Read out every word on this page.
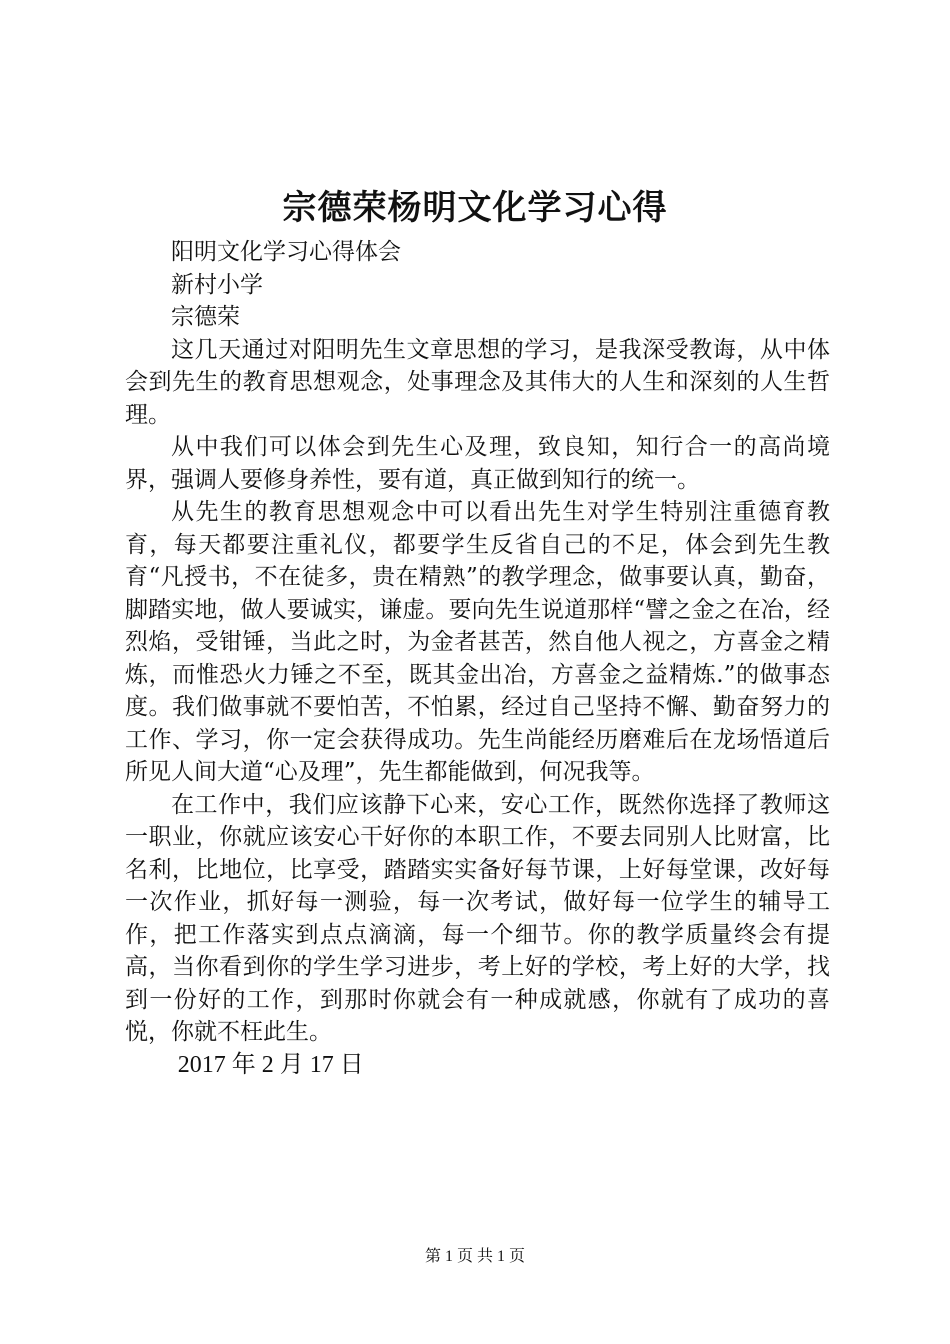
宗德荣杨明文化学习心得

阳明文化学习心得体会

新村小学

宗德荣

这几天通过对阳明先生文章思想的学习，是我深受教诲，从中体会到先生的教育思想观念，处事理念及其伟大的人生和深刻的人生哲理。

从中我们可以体会到先生心及理，致良知，知行合一的高尚境界，强调人要修身养性，要有道，真正做到知行的统一。

从先生的教育思想观念中可以看出先生对学生特别注重德育教育，每天都要注重礼仪，都要学生反省自己的不足，体会到先生教育“凡授书，不在徒多，贵在精熟”的教学理念，做事要认真，勤奋，脚踏实地，做人要诚实，谦虚。要向先生说道那样“譬之金之在冶，经烈焰，受钳锤，当此之时，为金者甚苦，然自他人视之，方喜金之精炼，而惟恐火力锤之不至，既其金出冶，方喜金之益精炼.”的做事态度。我们做事就不要怕苦，不怕累，经过自己坚持不懈、勤奋努力的工作、学习，你一定会获得成功。先生尚能经历磨难后在龙场悟道后所见人间大道“心及理”，先生都能做到，何况我等。

在工作中，我们应该静下心来，安心工作，既然你选择了教师这一职业，你就应该安心干好你的本职工作，不要去同别人比财富，比名利，比地位，比享受，踏踏实实备好每节课，上好每堂课，改好每一次作业，抓好每一测验，每一次考试，做好每一位学生的辅导工作，把工作落实到点点滴滴，每一个细节。你的教学质量终会有提高，当你看到你的学生学习进步，考上好的学校，考上好的大学，找到一份好的工作，到那时你就会有一种成就感，你就有了成功的喜悦，你就不枉此生。

2017 年 2 月 17 日

第 1 页 共 1 页
